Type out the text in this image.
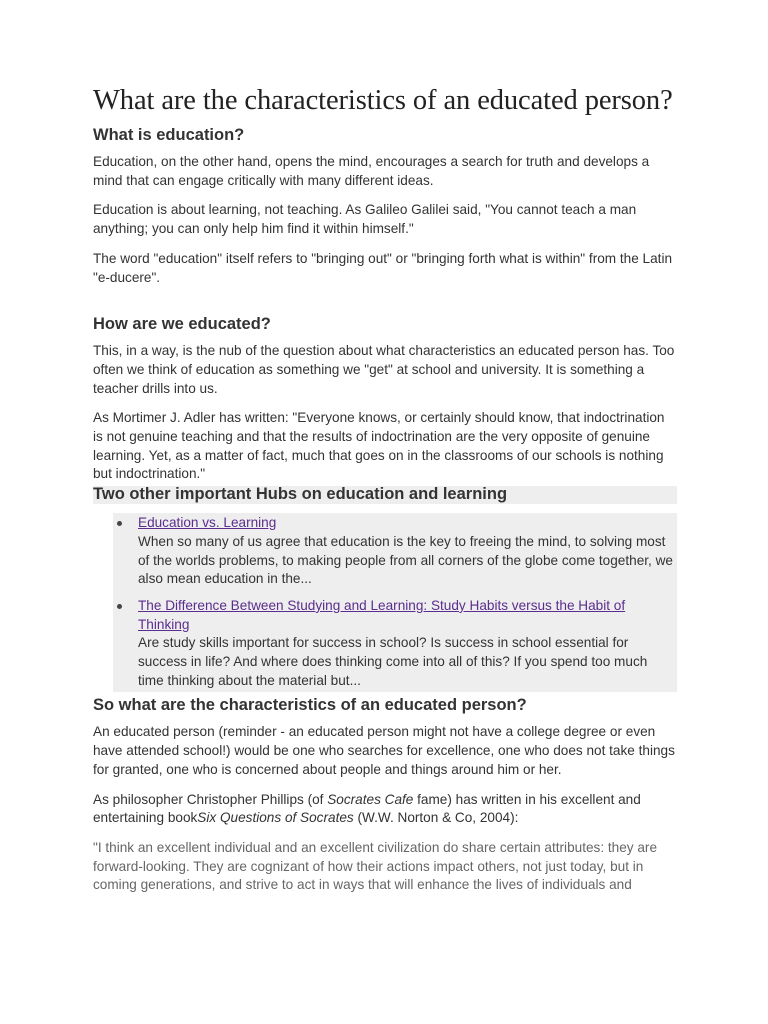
What are the characteristics of an educated person?
What is education?

Education, on the other hand, opens the mind, encourages a search for truth and develops a mind that can engage critically with many different ideas.

Education is about learning, not teaching. As Galileo Galilei said, "You cannot teach a man anything; you can only help him find it within himself."

The word "education" itself refers to "bringing out" or "bringing forth what is within" from the Latin "e-ducere".

How are we educated?

This, in a way, is the nub of the question about what characteristics an educated person has. Too often we think of education as something we "get" at school and university. It is something a teacher drills into us.

As Mortimer J. Adler has written: "Everyone knows, or certainly should know, that indoctrination is not genuine teaching and that the results of indoctrination are the very opposite of genuine learning. Yet, as a matter of fact, much that goes on in the classrooms of our schools is nothing but indoctrination."

Two other important Hubs on education and learning
Education vs. Learning
When so many of us agree that education is the key to freeing the mind, to solving most of the worlds problems, to making people from all corners of the globe come together, we also mean education in the...
The Difference Between Studying and Learning: Study Habits versus the Habit of Thinking
Are study skills important for success in school? Is success in school essential for success in life? And where does thinking come into all of this? If you spend too much time thinking about the material but...
So what are the characteristics of an educated person?

An educated person (reminder - an educated person might not have a college degree or even have attended school!) would be one who searches for excellence, one who does not take things for granted, one who is concerned about people and things around him or her.

As philosopher Christopher Phillips (of Socrates Cafe fame) has written in his excellent and entertaining bookSix Questions of Socrates (W.W. Norton & Co, 2004):

"I think an excellent individual and an excellent civilization do share certain attributes: they are forward-looking. They are cognizant of how their actions impact others, not just today, but in coming generations, and strive to act in ways that will enhance the lives of individuals and
